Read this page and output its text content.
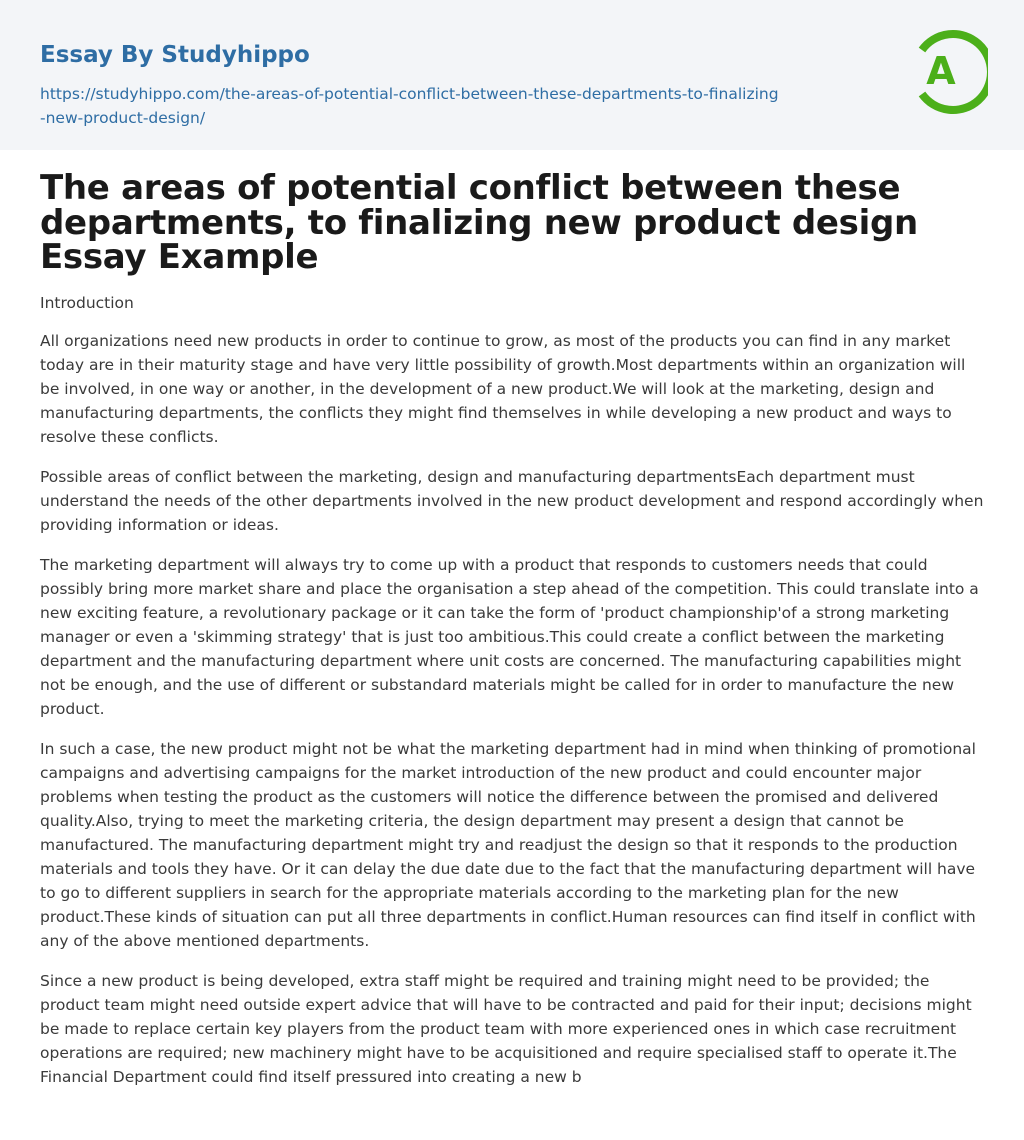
Essay By Studyhippo
https://studyhippo.com/the-areas-of-potential-conflict-between-these-departments-to-finalizing-new-product-design/
A
The areas of potential conflict between these departments, to finalizing new product design Essay Example

Introduction

All organizations need new products in order to continue to grow, as most of the products you can find in any market today are in their maturity stage and have very little possibility of growth.Most departments within an organization will be involved, in one way or another, in the development of a new product.We will look at the marketing, design and manufacturing departments, the conflicts they might find themselves in while developing a new product and ways to resolve these conflicts.

Possible areas of conflict between the marketing, design and manufacturing departmentsEach department must understand the needs of the other departments involved in the new product development and respond accordingly when providing information or ideas.

The marketing department will always try to come up with a product that responds to customers needs that could possibly bring more market share and place the organisation a step ahead of the competition. This could translate into a new exciting feature, a revolutionary package or it can take the form of 'product championship'of a strong marketing manager or even a 'skimming strategy' that is just too ambitious.This could create a conflict between the marketing department and the manufacturing department where unit costs are concerned. The manufacturing capabilities might not be enough, and the use of different or substandard materials might be called for in order to manufacture the new product.

In such a case, the new product might not be what the marketing department had in mind when thinking of promotional campaigns and advertising campaigns for the market introduction of the new product and could encounter major problems when testing the product as the customers will notice the difference between the promised and delivered quality.Also, trying to meet the marketing criteria, the design department may present a design that cannot be manufactured. The manufacturing department might try and readjust the design so that it responds to the production materials and tools they have. Or it can delay the due date due to the fact that the manufacturing department will have to go to different suppliers in search for the appropriate materials according to the marketing plan for the new product.These kinds of situation can put all three departments in conflict.Human resources can find itself in conflict with any of the above mentioned departments.

Since a new product is being developed, extra staff might be required and training might need to be provided; the product team might need outside expert advice that will have to be contracted and paid for their input; decisions might be made to replace certain key players from the product team with more experienced ones in which case recruitment operations are required; new machinery might have to be acquisitioned and require specialised staff to operate it.The Financial Department could find itself pressured into creating a new b
